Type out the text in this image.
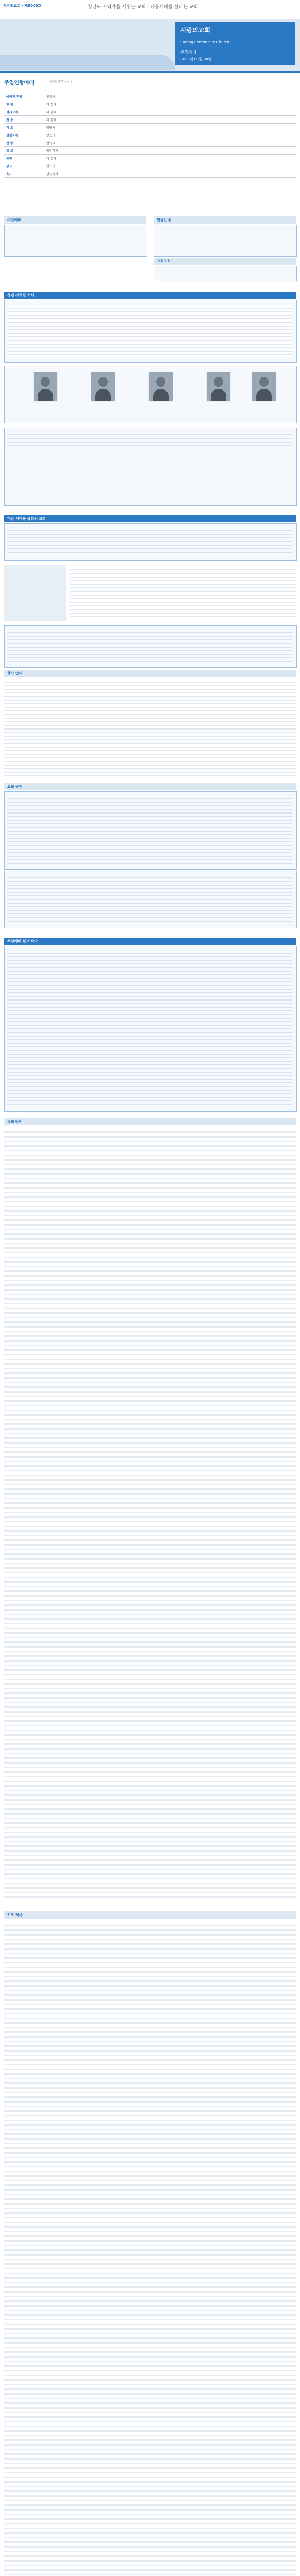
사랑의교회 · 제0000호	청년도 사역자를 세우는 교회 · 다음세대를 살리는 교회
사랑의교회
Sarang Community Church
주일예배
2023년 00월 00일
주일연합예배	(예배 세부 순서)
예배의 부름	인도자
찬 양	다 함께
성시교독	다 함께
찬 송	다 함께
기 도	담당자
성경봉독	인도자
찬 양	찬양대
설 교	담임목사
봉헌	다 함께
광고	인도자
축도	담임목사
주일예배	헌금안내
교회소식
청년 사역팀 소식
다음 세대를 살리는 교회
행사 안내
교회 공지
주일예배 설교 요약
목회서신
기도 제목
